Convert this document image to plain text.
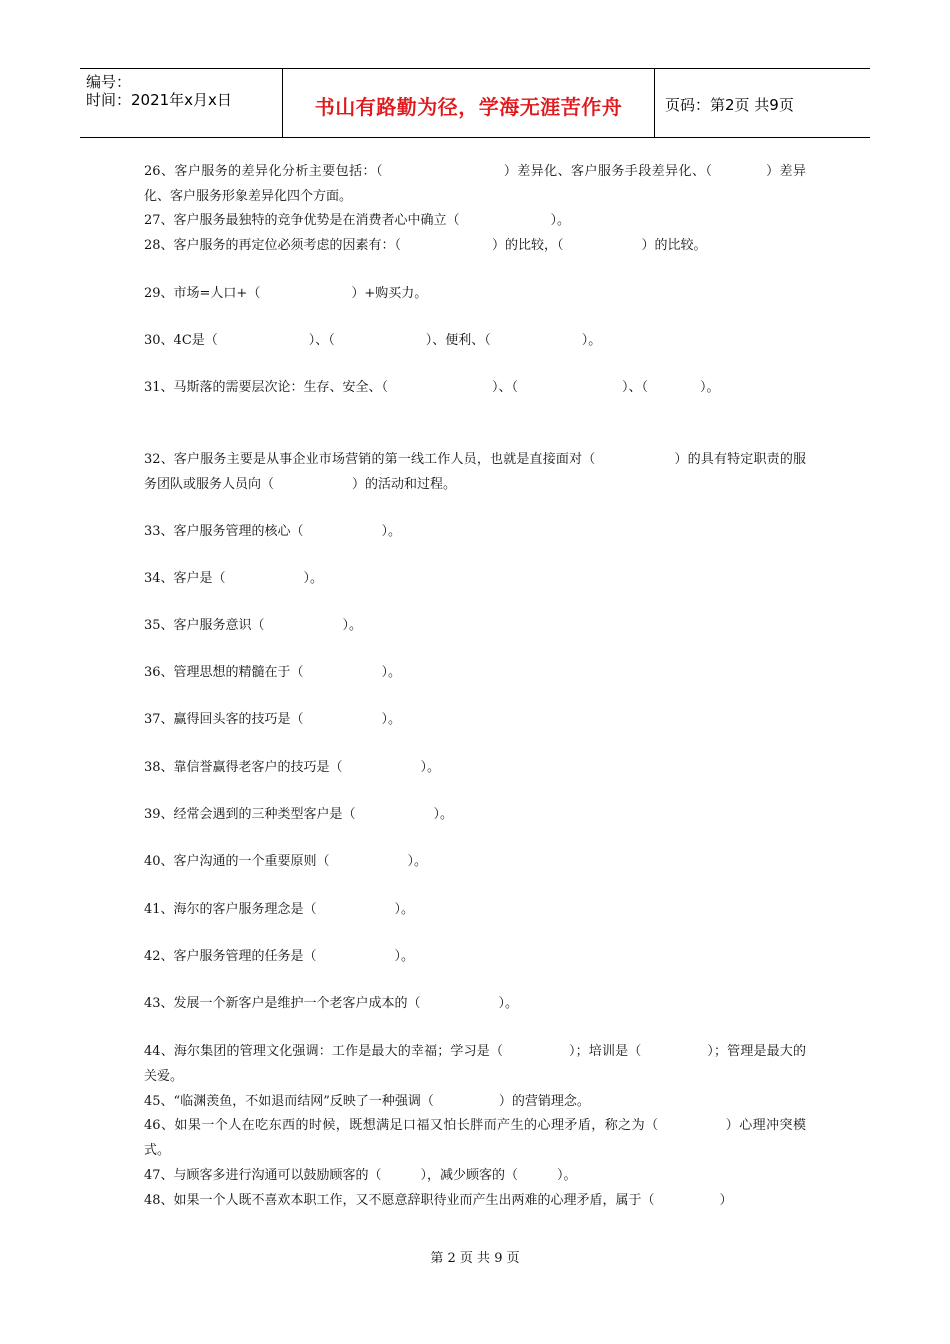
编号：
时间：2021年x月x日	书山有路勤为径，学海无涯苦作舟	页码：第2页 共9页

26、客户服务的差异化分析主要包括：（　　　　　　　　　）差异化、客户服务手段差异化、（　　　　）差异化、客户服务形象差异化四个方面。

27、客户服务最独特的竞争优势是在消费者心中确立（　　　　　　　）。

28、客户服务的再定位必须考虑的因素有：（　　　　　　　）的比较，（　　　　　　）的比较。

29、市场=人口+（　　　　　　　）+购买力。

30、4C是（　　　　　　　）、（　　　　　　　）、便利、（　　　　　　　）。

31、马斯落的需要层次论：生存、安全、（　　　　　　　　）、（　　　　　　　　）、（　　　　）。

32、客户服务主要是从事企业市场营销的第一线工作人员，也就是直接面对（　　　　　　）的具有特定职责的服务团队或服务人员向（　　　　　　）的活动和过程。

33、客户服务管理的核心（　　　　　　）。

34、客户是（　　　　　　）。

35、客户服务意识（　　　　　　）。

36、管理思想的精髓在于（　　　　　　）。

37、赢得回头客的技巧是（　　　　　　）。

38、靠信誉赢得老客户的技巧是（　　　　　　）。

39、经常会遇到的三种类型客户是（　　　　　　）。

40、客户沟通的一个重要原则（　　　　　　）。

41、海尔的客户服务理念是（　　　　　　）。

42、客户服务管理的任务是（　　　　　　）。

43、发展一个新客户是维护一个老客户成本的（　　　　　　）。

44、海尔集团的管理文化强调：工作是最大的幸福；学习是（　　　　　）；培训是（　　　　　）；管理是最大的关爱。

45、“临渊羡鱼，不如退而结网”反映了一种强调（　　　　　）的营销理念。

46、如果一个人在吃东西的时候，既想满足口福又怕长胖而产生的心理矛盾，称之为（　　　　　）心理冲突模式。

47、与顾客多进行沟通可以鼓励顾客的（　　　），减少顾客的（　　　）。

48、如果一个人既不喜欢本职工作，又不愿意辞职待业而产生出两难的心理矛盾，属于（　　　　　）

第 2 页 共 9 页
